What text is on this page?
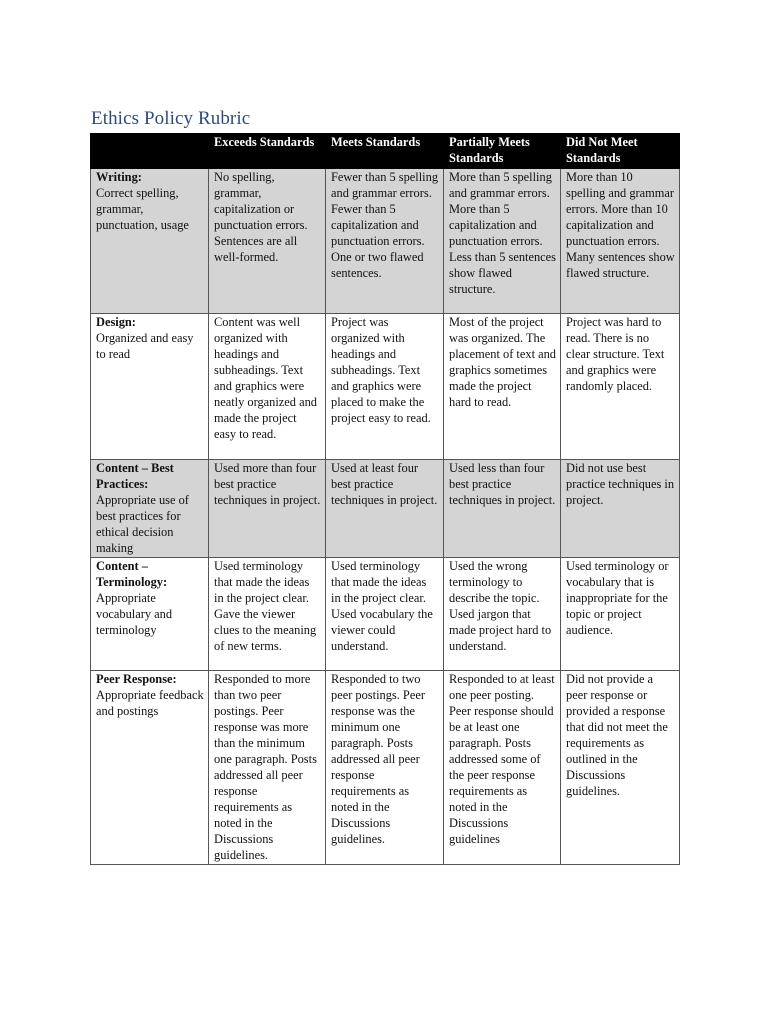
Ethics Policy Rubric
	Exceeds Standards	Meets Standards	Partially Meets Standards	Did Not Meet Standards

Writing:
Correct spelling, grammar, punctuation, usage	No spelling, grammar, capitalization or punctuation errors. Sentences are all well-formed.	Fewer than 5 spelling and grammar errors. Fewer than 5 capitalization and punctuation errors. One or two flawed sentences.	More than 5 spelling and grammar errors. More than 5 capitalization and punctuation errors. Less than 5 sentences show flawed structure.	More than 10 spelling and grammar errors. More than 10 capitalization and punctuation errors. Many sentences show flawed structure.

Design:
Organized and easy to read	Content was well organized with headings and subheadings. Text and graphics were neatly organized and made the project easy to read.	Project was organized with headings and subheadings. Text and graphics were placed to make the project easy to read.	Most of the project was organized. The placement of text and graphics sometimes made the project hard to read.	Project was hard to read. There is no clear structure. Text and graphics were randomly placed.

Content – Best Practices:
Appropriate use of best practices for ethical decision making	Used more than four best practice techniques in project.	Used at least four best practice techniques in project.	Used less than four best practice techniques in project.	Did not use best practice techniques in project.

Content – Terminology:
Appropriate vocabulary and terminology	Used terminology that made the ideas in the project clear. Gave the viewer clues to the meaning of new terms.	Used terminology that made the ideas in the project clear. Used vocabulary the viewer could understand.	Used the wrong terminology to describe the topic. Used jargon that made project hard to understand.	Used terminology or vocabulary that is inappropriate for the topic or project audience.

Peer Response:
Appropriate feedback and postings	Responded to more than two peer postings. Peer response was more than the minimum one paragraph. Posts addressed all peer response requirements as noted in the Discussions guidelines.	Responded to two peer postings. Peer response was the minimum one paragraph. Posts addressed all peer response requirements as noted in the Discussions guidelines.	Responded to at least one peer posting. Peer response should be at least one paragraph. Posts addressed some of the peer response requirements as noted in the Discussions guidelines	Did not provide a peer response or provided a response that did not meet the requirements as outlined in the Discussions guidelines.
